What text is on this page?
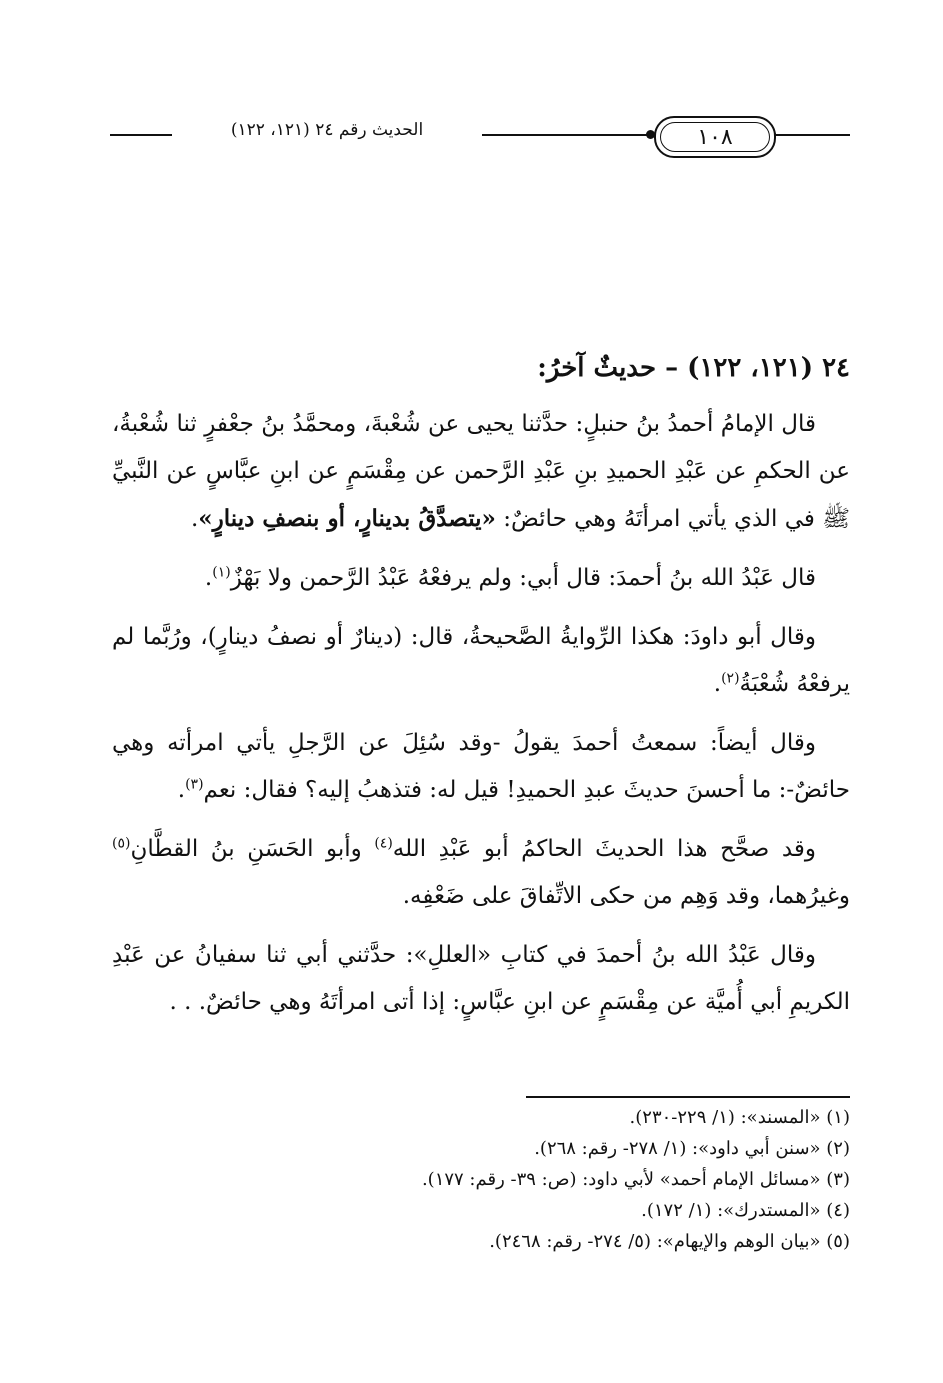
١٠٨
الحديث رقم ٢٤ (١٢١، ١٢٢)

٢٤ (١٢١، ١٢٢) – حديثٌ آخرُ:

قال الإمامُ أحمدُ بنُ حنبلٍ: حدَّثنا يحيى عن شُعْبةَ، ومحمَّدُ بنُ جعْفرٍ ثنا شُعْبةُ، عن الحكمِ عن عَبْدِ الحميدِ بنِ عَبْدِ الرَّحمن عن مِقْسَمٍ عن ابنِ عبَّاسٍ عن النَّبيِّ ﷺ في الذي يأتي امرأتَهُ وهي حائضٌ: «يتصدَّقُ بدينارٍ، أو بنصفِ دينارٍ».

قال عَبْدُ الله بنُ أحمدَ: قال أبي: ولم يرفعْهُ عَبْدُ الرَّحمن ولا بَهْزٌ$^{(١)}$.

وقال أبو داودَ: هكذا الرِّوايةُ الصَّحيحةُ، قال: (دينارٌ أو نصفُ دينارٍ)، ورُبَّما لم يرفعْهُ شُعْبَةُ$^{(٢)}$.

وقال أيضاً: سمعتُ أحمدَ يقولُ -وقد سُئِلَ عن الرَّجلِ يأتي امرأته وهي حائضٌ-: ما أحسنَ حديثَ عبدِ الحميدِ! قيل له: فتذهبُ إليه؟ فقال: نعم$^{(٣)}$.

وقد صحَّح هذا الحديثَ الحاكمُ أبو عَبْدِ الله$^{(٤)}$ وأبو الحَسَنِ بنُ القطَّانِ$^{(٥)}$ وغيرُهما، وقد وَهِم من حكى الاتِّفاقَ على ضَعْفِه.

وقال عَبْدُ الله بنُ أحمدَ في كتابِ «العللِ»: حدَّثني أبي ثنا سفيانُ عن عَبْدِ الكريمِ أبي أُميَّة عن مِقْسَمٍ عن ابنِ عبَّاسٍ: إذا أتى امرأتَهُ وهي حائضٌ. . .

(١) «المسند»: (١/ ٢٢٩-٢٣٠).

(٢) «سنن أبي داود»: (١/ ٢٧٨- رقم: ٢٦٨).

(٣) «مسائل الإمام أحمد» لأبي داود: (ص: ٣٩- رقم: ١٧٧).

(٤) «المستدرك»: (١/ ١٧٢).

(٥) «بيان الوهم والإيهام»: (٥/ ٢٧٤- رقم: ٢٤٦٨).
